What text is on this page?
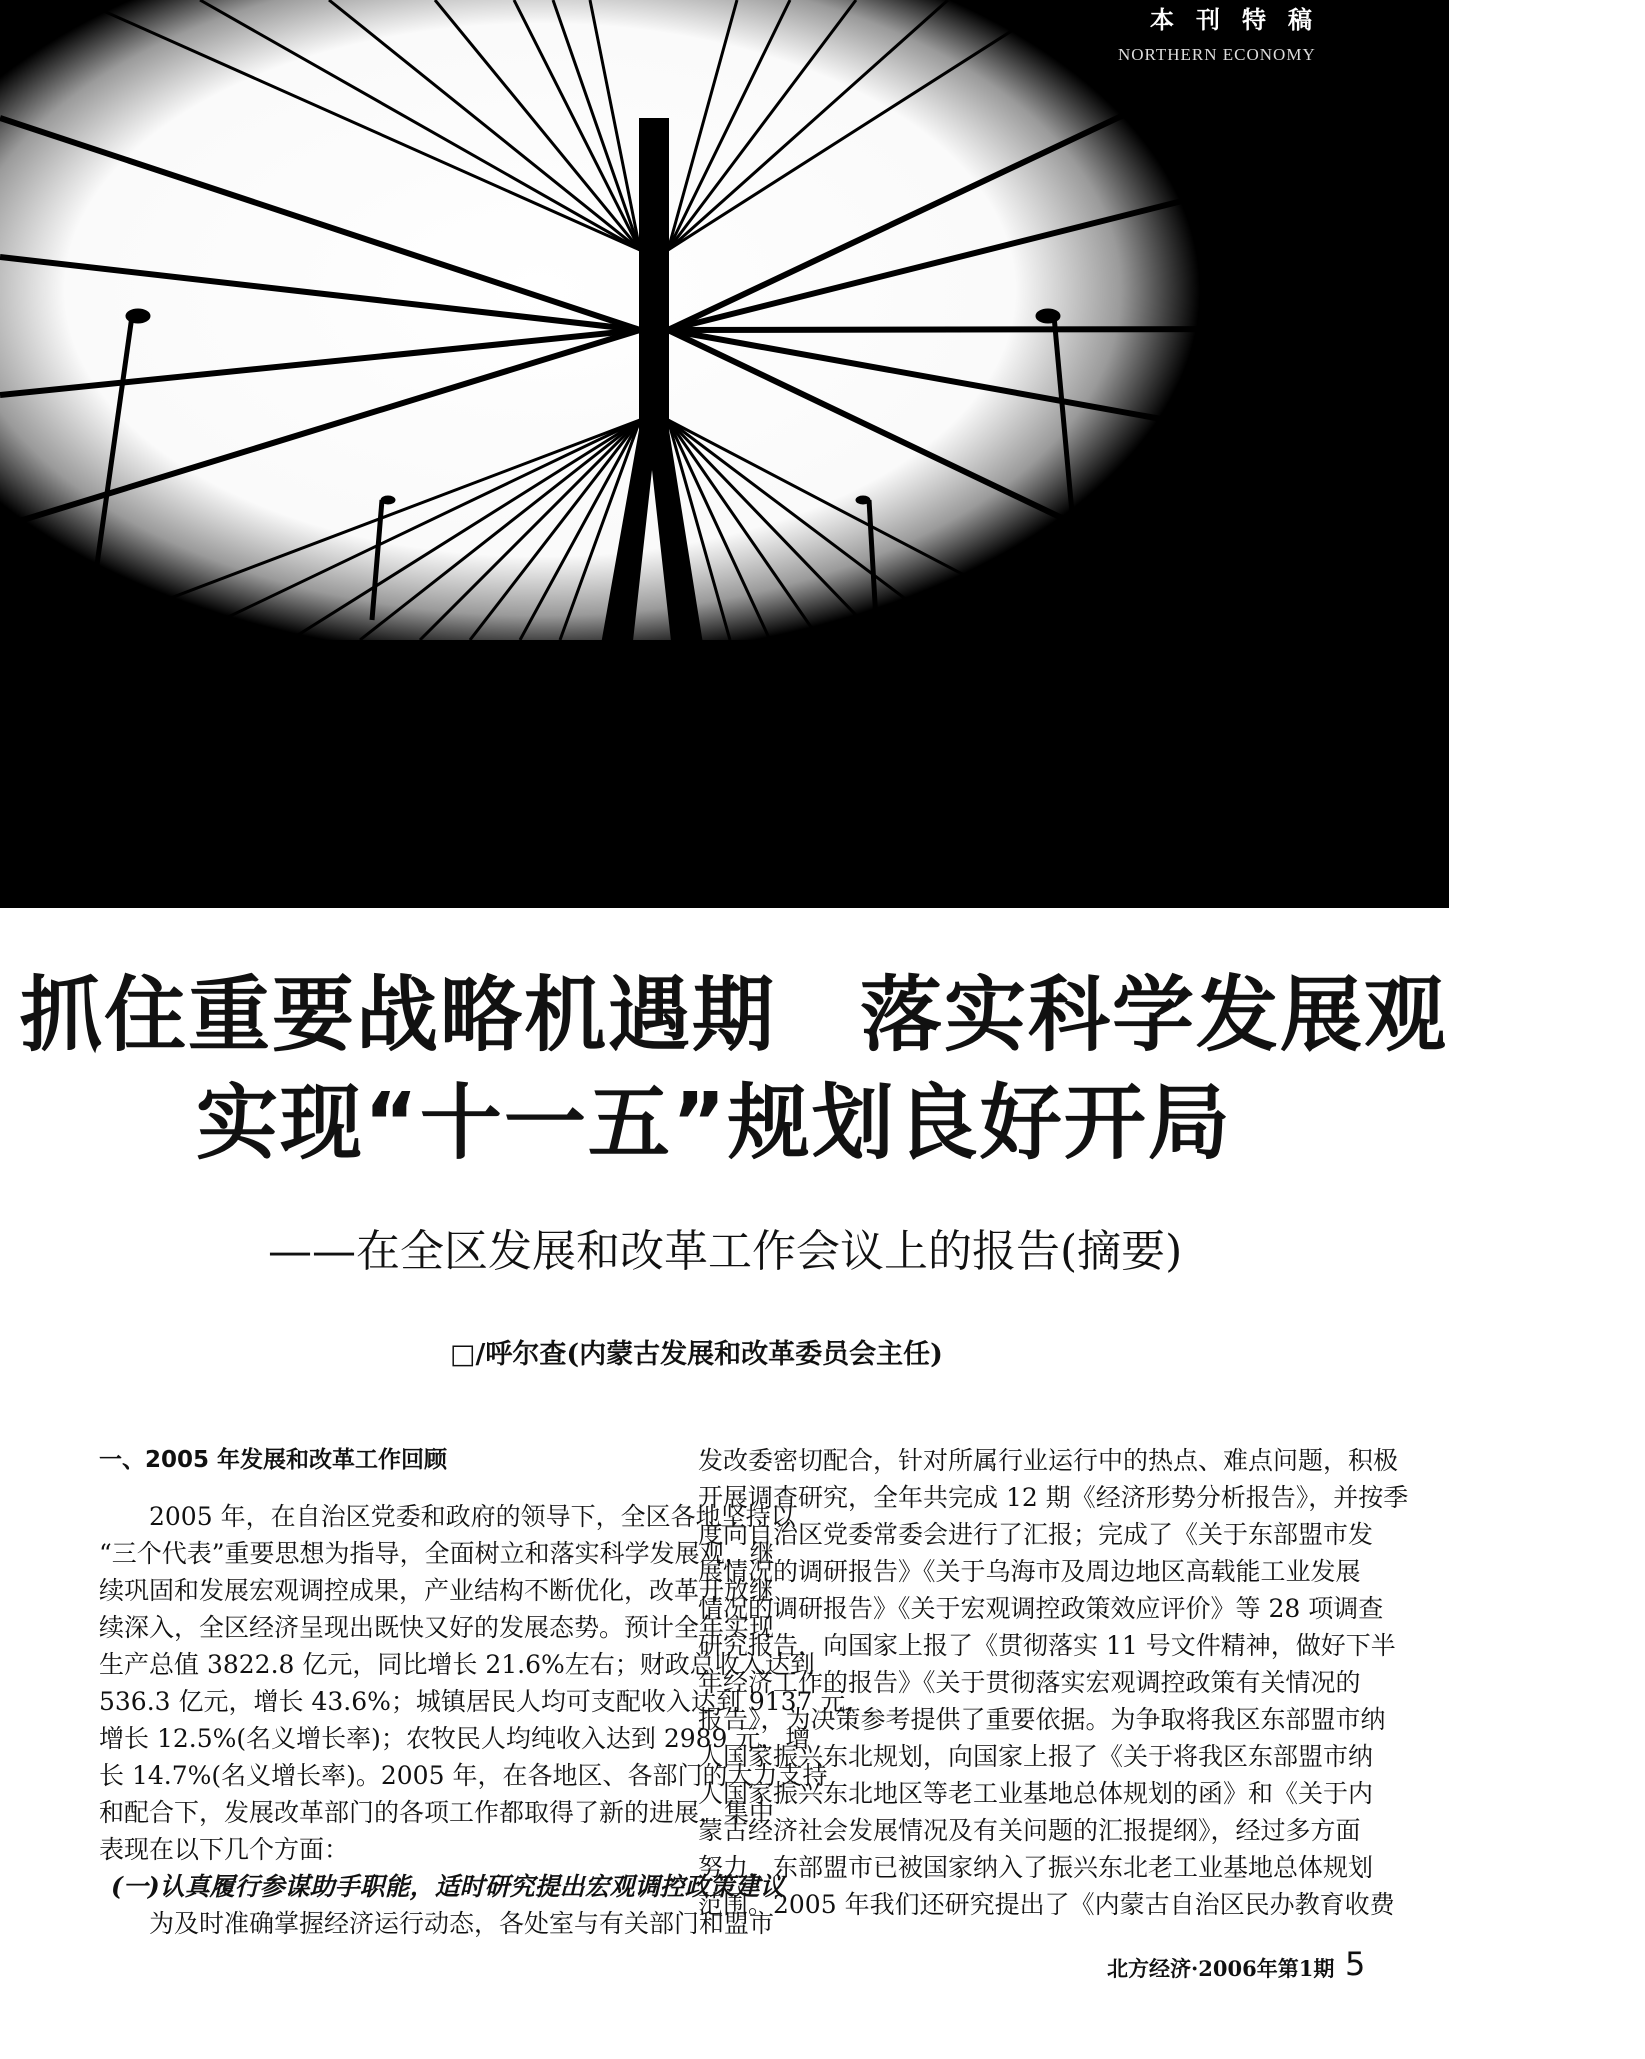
本刊特稿
NORTHERN ECONOMY
抓住重要战略机遇期　落实科学发展观
实现“十一五”规划良好开局
——在全区发展和改革工作会议上的报告(摘要)
□/呼尔查(内蒙古发展和改革委员会主任)
一、2005 年发展和改革工作回顾
2005 年，在自治区党委和政府的领导下，全区各地坚持以
“三个代表”重要思想为指导，全面树立和落实科学发展观，继
续巩固和发展宏观调控成果，产业结构不断优化，改革开放继
续深入，全区经济呈现出既快又好的发展态势。预计全年实现
生产总值 3822.8 亿元，同比增长 21.6%左右；财政总收入达到
536.3 亿元，增长 43.6%；城镇居民人均可支配收入达到 9137 元，
增长 12.5%(名义增长率)；农牧民人均纯收入达到 2989 元，增
长 14.7%(名义增长率)。2005 年，在各地区、各部门的大力支持
和配合下，发展改革部门的各项工作都取得了新的进展，集中
表现在以下几个方面：
(一)认真履行参谋助手职能，适时研究提出宏观调控政策建议
为及时准确掌握经济运行动态，各处室与有关部门和盟市
发改委密切配合，针对所属行业运行中的热点、难点问题，积极
开展调查研究，全年共完成 12 期《经济形势分析报告》，并按季
度向自治区党委常委会进行了汇报；完成了《关于东部盟市发
展情况的调研报告》《关于乌海市及周边地区高载能工业发展
情况的调研报告》《关于宏观调控政策效应评价》等 28 项调查
研究报告，向国家上报了《贯彻落实 11 号文件精神，做好下半
年经济工作的报告》《关于贯彻落实宏观调控政策有关情况的
报告》，为决策参考提供了重要依据。为争取将我区东部盟市纳
人国家振兴东北规划，向国家上报了《关于将我区东部盟市纳
人国家振兴东北地区等老工业基地总体规划的函》和《关于内
蒙古经济社会发展情况及有关问题的汇报提纲》，经过多方面
努力，东部盟市已被国家纳入了振兴东北老工业基地总体规划
范围。2005 年我们还研究提出了《内蒙古自治区民办教育收费
北方经济·2006年第1期 5
